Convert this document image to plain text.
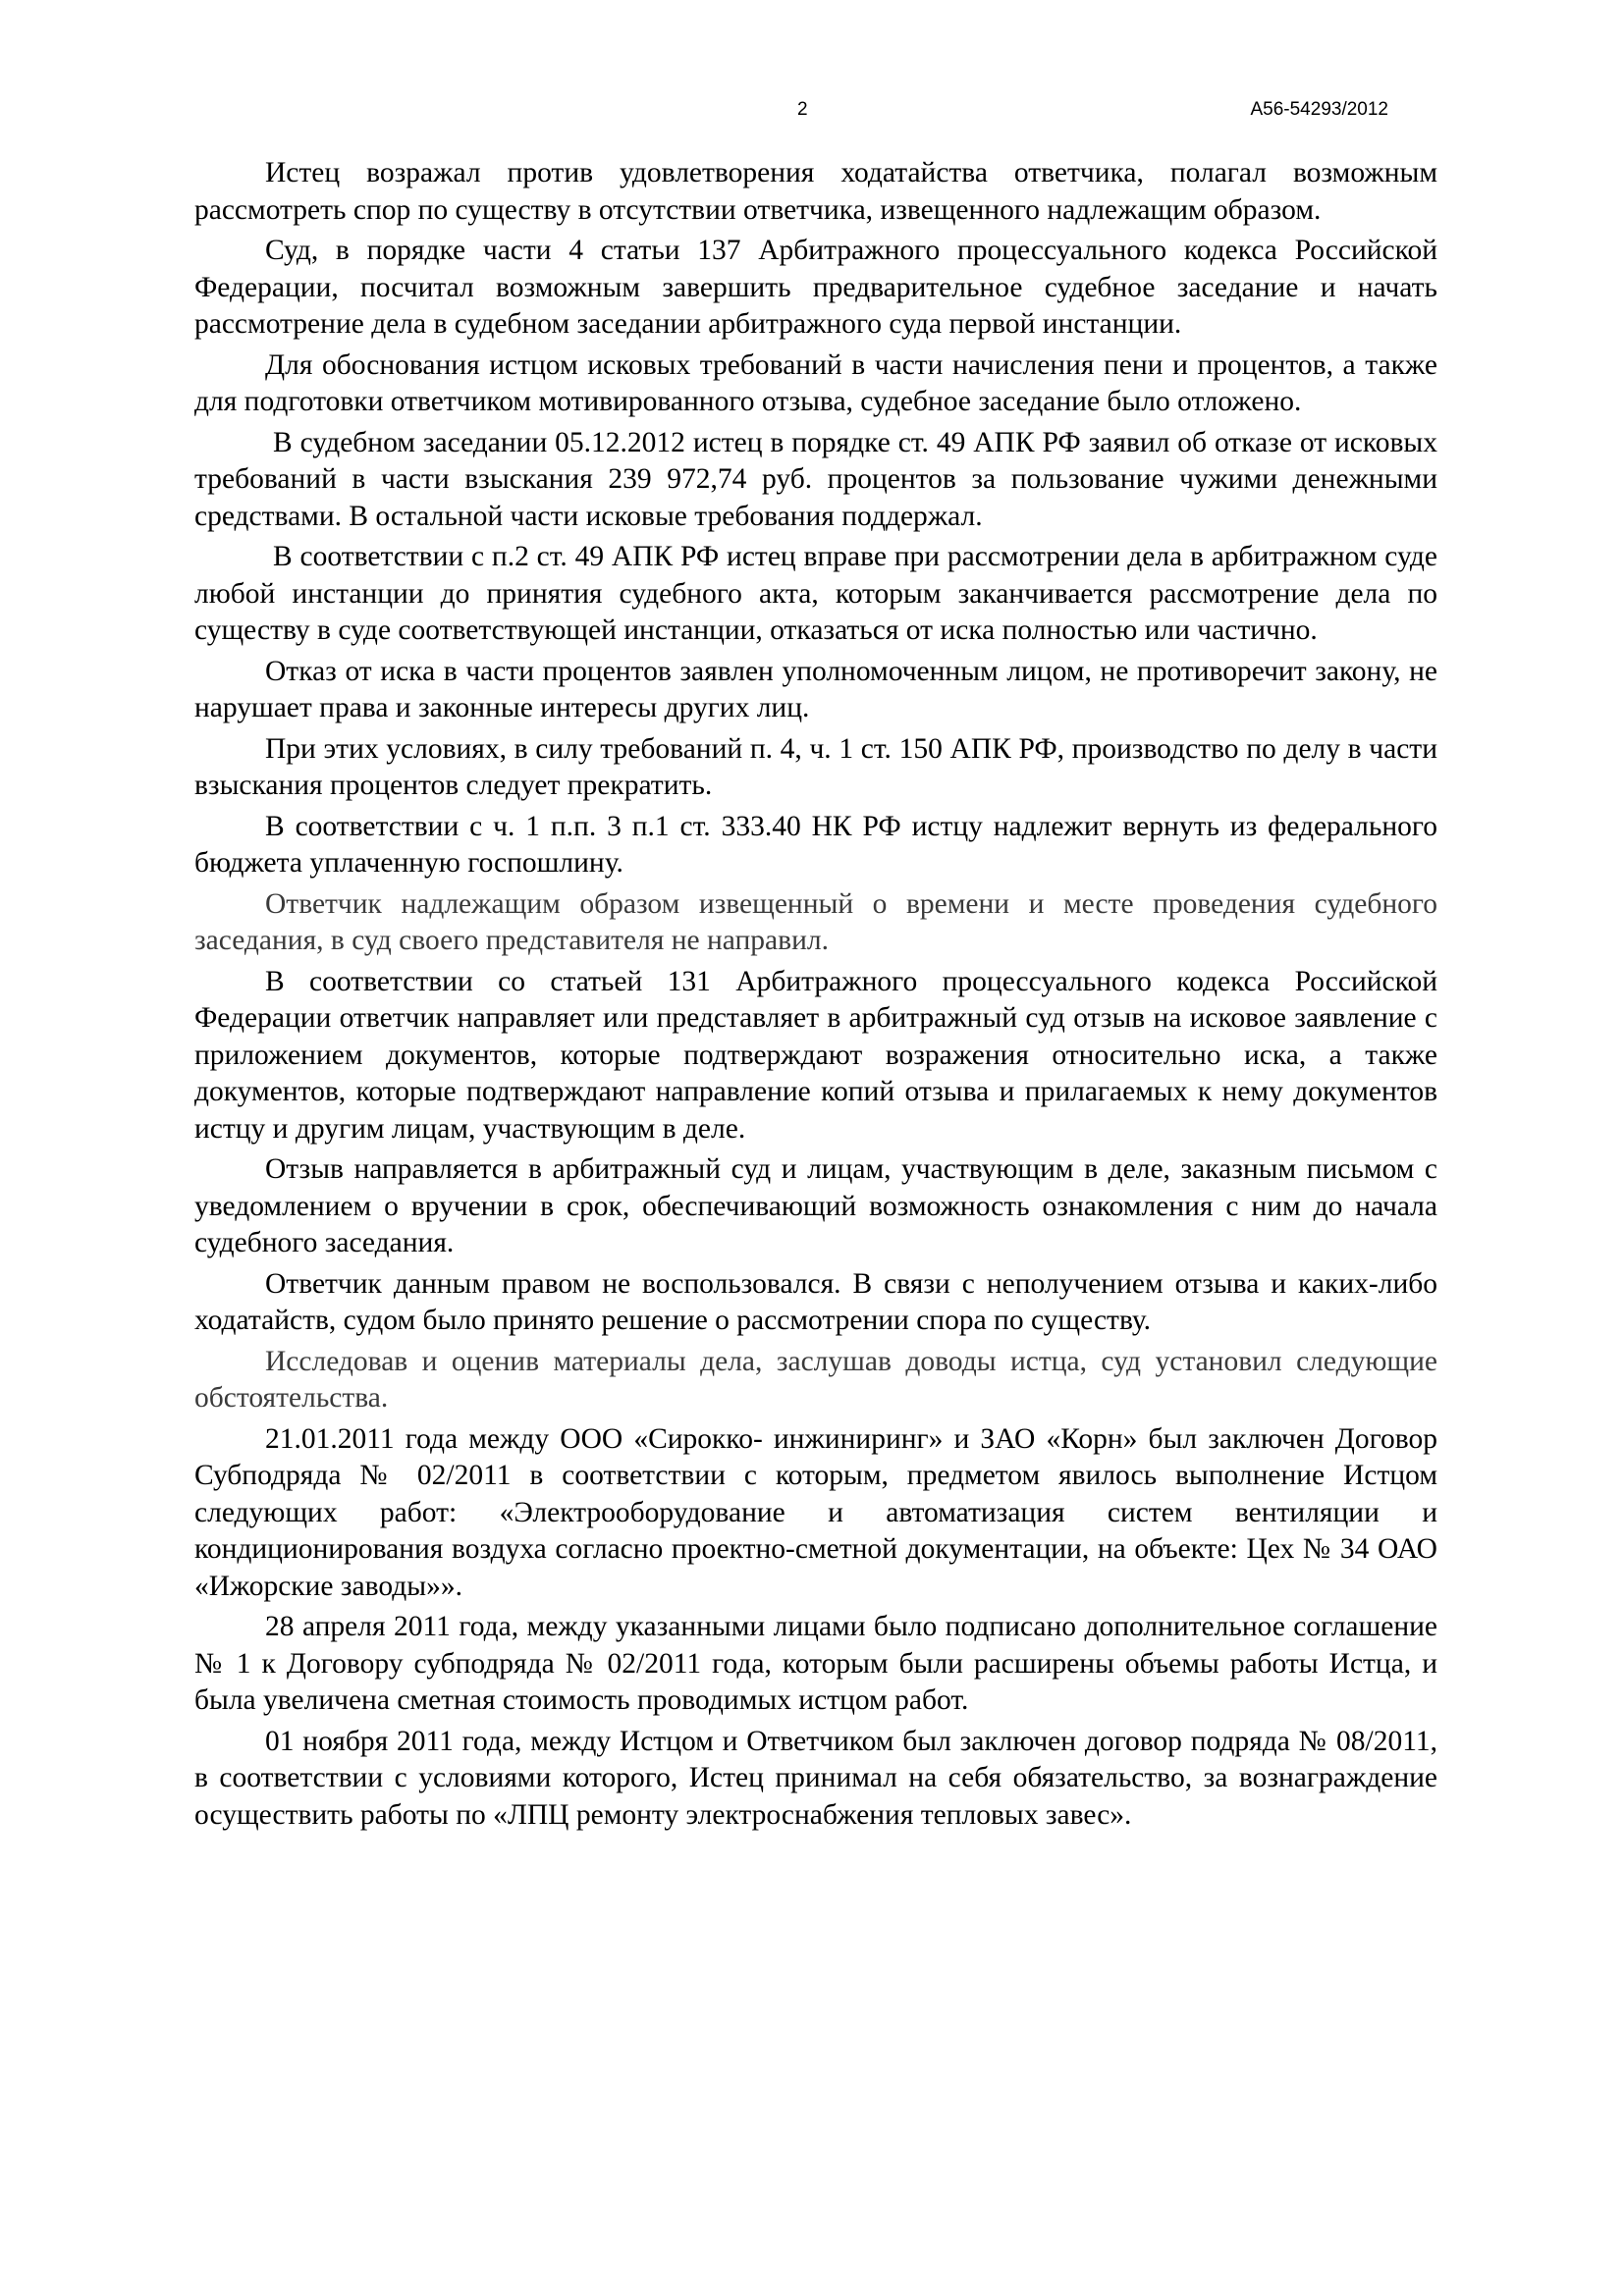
2	А56-54293/2012

Истец возражал против удовлетворения ходатайства ответчика, полагал возможным рассмотреть спор по существу в отсутствии ответчика, извещенного надлежащим образом.

Суд, в порядке части 4 статьи 137 Арбитражного процессуального кодекса Российской Федерации, посчитал возможным завершить предварительное судебное заседание и начать рассмотрение дела в судебном заседании арбитражного суда первой инстанции.

Для обоснования истцом исковых требований в части начисления пени и процентов, а также для подготовки ответчиком мотивированного отзыва, судебное заседание было отложено.

В судебном заседании 05.12.2012 истец в порядке ст. 49 АПК РФ заявил об отказе от исковых требований в части взыскания 239 972,74 руб. процентов за пользование чужими денежными средствами. В остальной части исковые требования поддержал.

В соответствии с п.2 ст. 49 АПК РФ истец вправе при рассмотрении дела в арбитражном суде любой инстанции до принятия судебного акта, которым заканчивается рассмотрение дела по существу в суде соответствующей инстанции, отказаться от иска полностью или частично.

Отказ от иска в части процентов заявлен уполномоченным лицом, не противоречит закону, не нарушает права и законные интересы других лиц.

При этих условиях, в силу требований п. 4, ч. 1 ст. 150 АПК РФ, производство по делу в части взыскания процентов следует прекратить.

В соответствии с ч. 1 п.п. 3 п.1 ст. 333.40 НК РФ истцу надлежит вернуть из федерального бюджета уплаченную госпошлину.

Ответчик надлежащим образом извещенный о времени и месте проведения судебного заседания, в суд своего представителя не направил.

В соответствии со статьей 131 Арбитражного процессуального кодекса Российской Федерации ответчик направляет или представляет в арбитражный суд отзыв на исковое заявление с приложением документов, которые подтверждают возражения относительно иска, а также документов, которые подтверждают направление копий отзыва и прилагаемых к нему документов истцу и другим лицам, участвующим в деле.

Отзыв направляется в арбитражный суд и лицам, участвующим в деле, заказным письмом с уведомлением о вручении в срок, обеспечивающий возможность ознакомления с ним до начала судебного заседания.

Ответчик данным правом не воспользовался. В связи с неполучением отзыва и каких-либо ходатайств, судом было принято решение о рассмотрении спора по существу.

Исследовав и оценив материалы дела, заслушав доводы истца, суд установил следующие обстоятельства.

21.01.2011 года между ООО «Сирокко- инжиниринг» и ЗАО «Корн» был заключен Договор Субподряда № 02/2011 в соответствии с которым, предметом явилось выполнение Истцом следующих работ: «Электрооборудование и автоматизация систем вентиляции и кондиционирования воздуха согласно проектно-сметной документации, на объекте: Цех № 34 ОАО «Ижорские заводы»».

28 апреля 2011 года, между указанными лицами было подписано дополнительное соглашение № 1 к Договору субподряда № 02/2011 года, которым были расширены объемы работы Истца, и была увеличена сметная стоимость проводимых истцом работ.

01 ноября 2011 года, между Истцом и Ответчиком был заключен договор подряда № 08/2011, в соответствии с условиями которого, Истец принимал на себя обязательство, за вознаграждение осуществить работы по «ЛПЦ ремонту электроснабжения тепловых завес».
